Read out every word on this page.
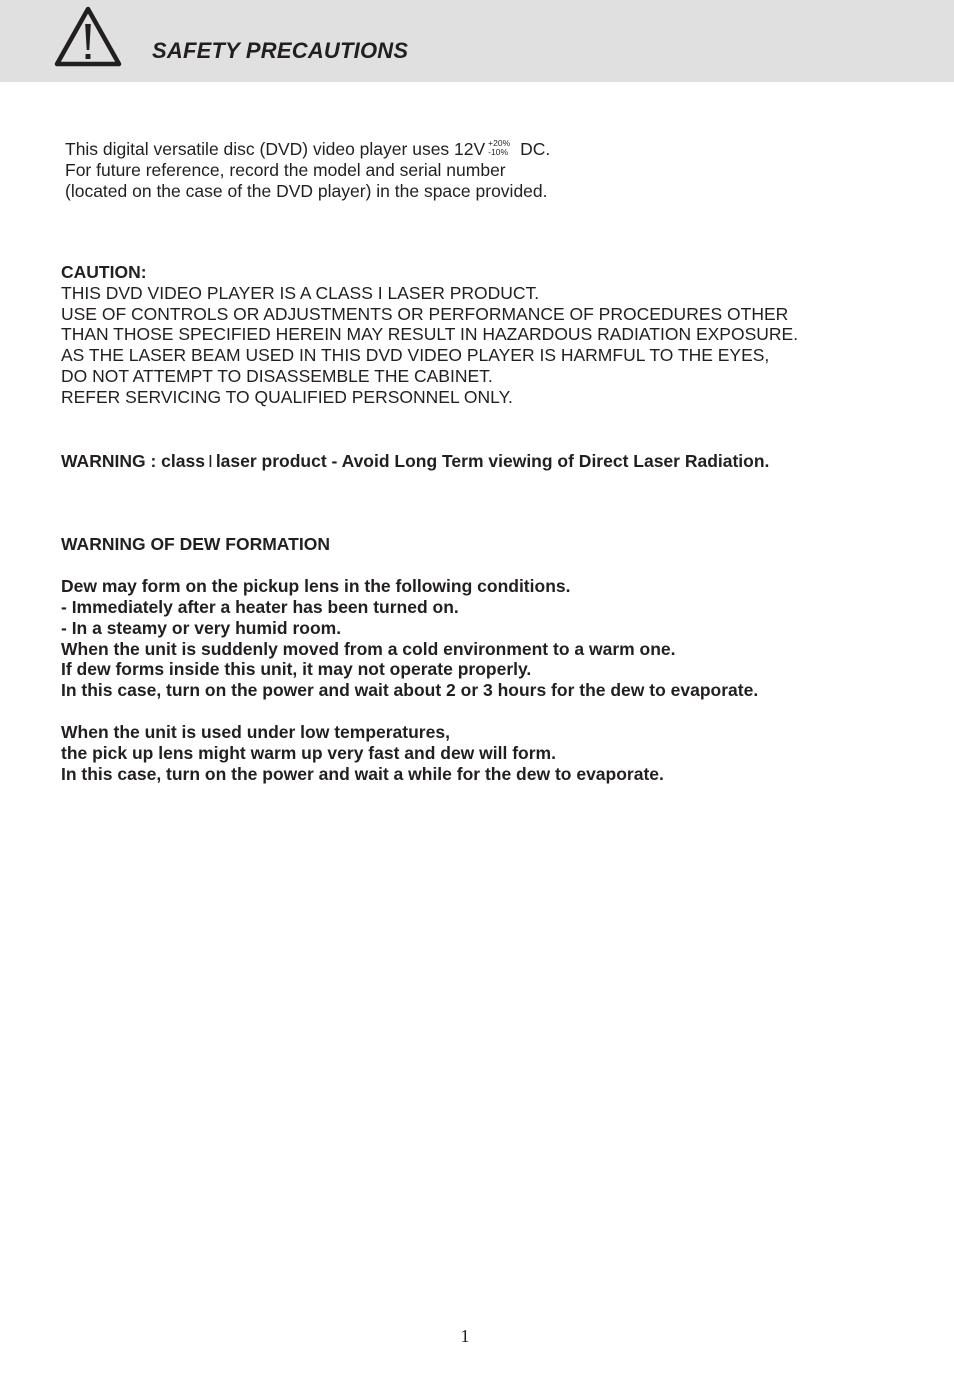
SAFETY PRECAUTIONS
This digital versatile disc (DVD) video player uses 12V +20%
-10% DC.
For future reference, record the model and serial number
(located on the case of the DVD player) in the space provided.
CAUTION:
THIS DVD VIDEO PLAYER IS A CLASS I LASER PRODUCT.
USE OF CONTROLS OR ADJUSTMENTS OR PERFORMANCE OF PROCEDURES OTHER
THAN THOSE SPECIFIED HEREIN MAY RESULT IN HAZARDOUS RADIATION EXPOSURE.
AS THE LASER BEAM USED IN THIS DVD VIDEO PLAYER IS HARMFUL TO THE EYES,
DO NOT ATTEMPT TO DISASSEMBLE THE CABINET.
REFER SERVICING TO QUALIFIED PERSONNEL ONLY.
WARNING : class I laser product - Avoid Long Term viewing of Direct Laser Radiation.
WARNING OF DEW FORMATION
Dew may form on the pickup lens in the following conditions.
- Immediately after a heater has been turned on.
- In a steamy or very humid room.
When the unit is suddenly moved from a cold environment to a warm one.
If dew forms inside this unit, it may not operate properly.
In this case, turn on the power and wait about 2 or 3 hours for the dew to evaporate.
When the unit is used under low temperatures,
the pick up lens might warm up very fast and dew will form.
In this case, turn on the power and wait a while for the dew to evaporate.
1
